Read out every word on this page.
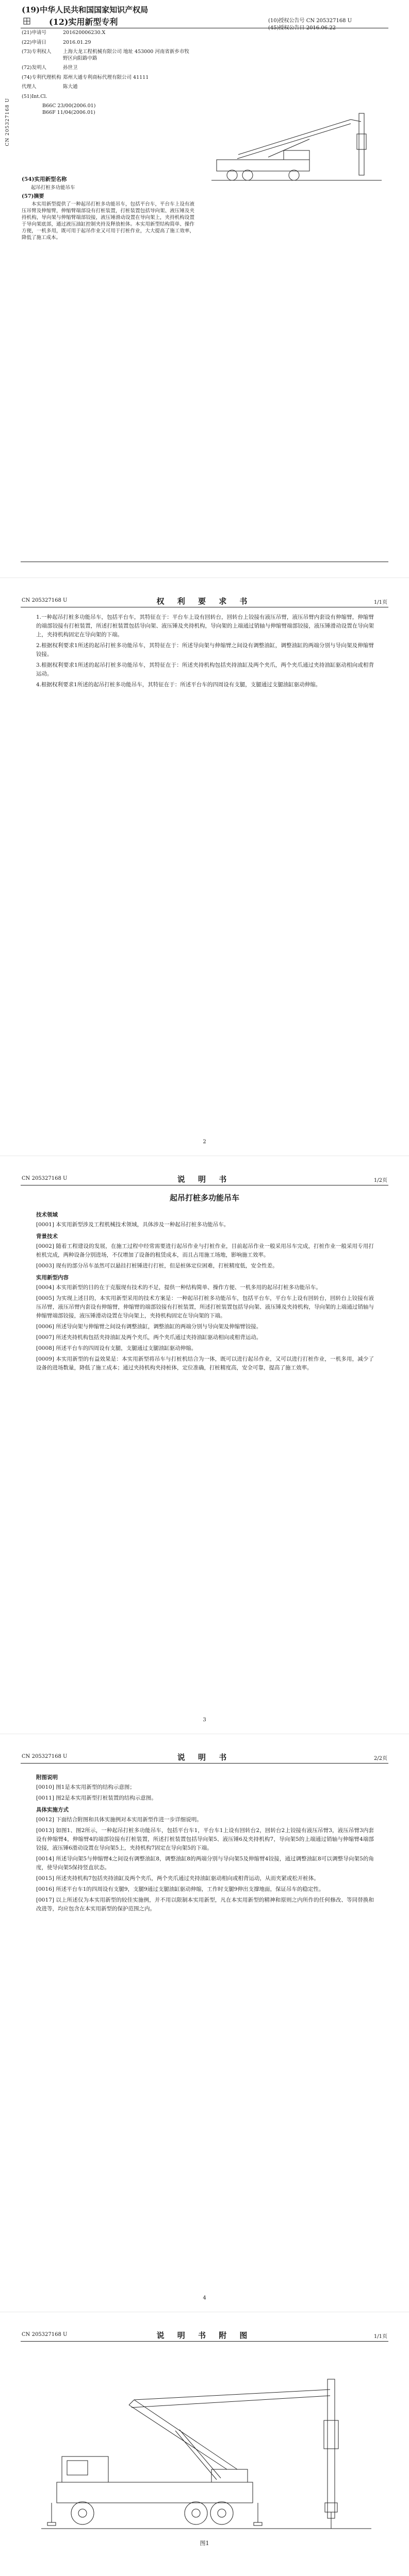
(19)中华人民共和国国家知识产权局
(12)实用新型专利	(10)授权公告号 CN 205327168 U
(45)授权公告日 2016.06.22
(21)申请号	201620006230.X
(22)申请日	2016.01.29
(73)专利权人	上海大龙工程机械有限公司 地址 453000 河南省新乡市牧野区向阳路中路
(72)发明人	孙世卫
(74)专利代理机构 郑州大通专利商标代理有限公司 41111
代理人	陈大通
(51)Int.Cl.
B66C 23/00(2006.01)
B66F 11/04(2006.01)
CN 205327168 U
(54)实用新型名称
起吊打桩多功能吊车
(57)摘要

本实用新型提供了一种起吊打桩多功能吊车，包括平台车，平台车上设有液压吊臂及伸缩臂，伸缩臂端部设有打桩装置，打桩装置包括导向架、液压锤及夹持机构，导向架与伸缩臂端部铰接，液压锤滑动设置在导向架上，夹持机构设置于导向架底部，通过液压油缸控制夹持及释放桩体。本实用新型结构简单、操作方便，一机多用，既可用于起吊作业又可用于打桩作业，大大提高了施工效率，降低了施工成本。

CN 205327168 U	权 利 要 求 书	1/1页

1.一种起吊打桩多功能吊车，包括平台车，其特征在于：平台车上设有回转台，回转台上铰接有液压吊臂，液压吊臂内套设有伸缩臂，伸缩臂的端部铰接有打桩装置，所述打桩装置包括导向架、液压锤及夹持机构，导向架的上端通过销轴与伸缩臂端部铰接，液压锤滑动设置在导向架上，夹持机构固定在导向架的下端。

2.根据权利要求1所述的起吊打桩多功能吊车，其特征在于：所述导向架与伸缩臂之间设有调整油缸，调整油缸的两端分别与导向架及伸缩臂铰接。

3.根据权利要求1所述的起吊打桩多功能吊车，其特征在于：所述夹持机构包括夹持油缸及两个夹爪，两个夹爪通过夹持油缸驱动相向或相背运动。

4.根据权利要求1所述的起吊打桩多功能吊车，其特征在于：所述平台车的四周设有支腿，支腿通过支腿油缸驱动伸缩。

2
CN 205327168 U	说 明 书	1/2页
起吊打桩多功能吊车
技术领域

[0001] 本实用新型涉及工程机械技术领域，具体涉及一种起吊打桩多功能吊车。

背景技术

[0002] 随着工程建设的发展，在施工过程中经常需要进行起吊作业与打桩作业，目前起吊作业一般采用吊车完成，打桩作业一般采用专用打桩机完成，两种设备分别进场，不仅增加了设备的租赁成本，而且占用施工场地，影响施工效率。

[0003] 现有的部分吊车虽然可以悬挂打桩锤进行打桩，但是桩体定位困难，打桩精度低，安全性差。

实用新型内容

[0004] 本实用新型的目的在于克服现有技术的不足，提供一种结构简单、操作方便、一机多用的起吊打桩多功能吊车。

[0005] 为实现上述目的，本实用新型采用的技术方案是：一种起吊打桩多功能吊车，包括平台车，平台车上设有回转台，回转台上铰接有液压吊臂，液压吊臂内套设有伸缩臂，伸缩臂的端部铰接有打桩装置，所述打桩装置包括导向架、液压锤及夹持机构，导向架的上端通过销轴与伸缩臂端部铰接，液压锤滑动设置在导向架上，夹持机构固定在导向架的下端。

[0006] 所述导向架与伸缩臂之间设有调整油缸，调整油缸的两端分别与导向架及伸缩臂铰接。

[0007] 所述夹持机构包括夹持油缸及两个夹爪，两个夹爪通过夹持油缸驱动相向或相背运动。

[0008] 所述平台车的四周设有支腿，支腿通过支腿油缸驱动伸缩。

[0009] 本实用新型的有益效果是：本实用新型将吊车与打桩机结合为一体，既可以进行起吊作业，又可以进行打桩作业，一机多用，减少了设备的进场数量，降低了施工成本；通过夹持机构夹持桩体，定位准确，打桩精度高，安全可靠，提高了施工效率。

3
CN 205327168 U	说 明 书	2/2页
附图说明

[0010] 图1是本实用新型的结构示意图；

[0011] 图2是本实用新型打桩装置的结构示意图。

具体实施方式

[0012] 下面结合附图和具体实施例对本实用新型作进一步详细说明。

[0013] 如图1、图2所示，一种起吊打桩多功能吊车，包括平台车1，平台车1上设有回转台2，回转台2上铰接有液压吊臂3，液压吊臂3内套设有伸缩臂4，伸缩臂4的端部铰接有打桩装置，所述打桩装置包括导向架5、液压锤6及夹持机构7，导向架5的上端通过销轴与伸缩臂4端部铰接，液压锤6滑动设置在导向架5上，夹持机构7固定在导向架5的下端。

[0014] 所述导向架5与伸缩臂4之间设有调整油缸8，调整油缸8的两端分别与导向架5及伸缩臂4铰接，通过调整油缸8可以调整导向架5的角度，使导向架5保持竖直状态。

[0015] 所述夹持机构7包括夹持油缸及两个夹爪，两个夹爪通过夹持油缸驱动相向或相背运动，从而夹紧或松开桩体。

[0016] 所述平台车1的四周设有支腿9，支腿9通过支腿油缸驱动伸缩，工作时支腿9伸出支撑地面，保证吊车的稳定性。

[0017] 以上所述仅为本实用新型的较佳实施例，并不用以限制本实用新型，凡在本实用新型的精神和原则之内所作的任何修改、等同替换和改进等，均应包含在本实用新型的保护范围之内。

4
CN 205327168 U	说 明 书 附 图	1/1页
图1
